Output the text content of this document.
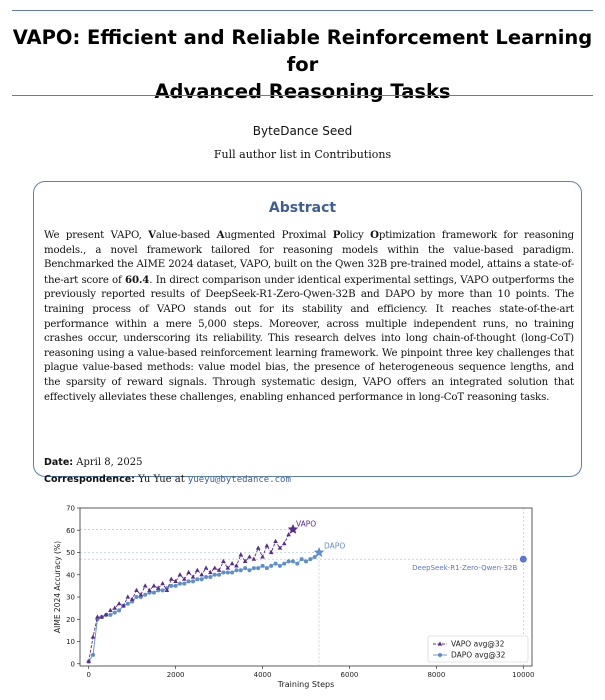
VAPO: Efficient and Reliable Reinforcement Learning for
Advanced Reasoning Tasks
ByteDance Seed
Full author list in Contributions
Abstract
We present VAPO, Value-based Augmented Proximal Policy Optimization framework for reasoning models., a novel framework tailored for reasoning models within the value-based paradigm. Benchmarked the AIME 2024 dataset, VAPO, built on the Qwen 32B pre-trained model, attains a state-of-the-art score of 60.4. In direct comparison under identical experimental settings, VAPO outperforms the previously reported results of DeepSeek-R1-Zero-Qwen-32B and DAPO by more than 10 points. The training process of VAPO stands out for its stability and efficiency. It reaches state-of-the-art performance within a mere 5,000 steps. Moreover, across multiple independent runs, no training crashes occur, underscoring its reliability. This research delves into long chain-of-thought (long-CoT) reasoning using a value-based reinforcement learning framework. We pinpoint three key challenges that plague value-based methods: value model bias, the presence of heterogeneous sequence lengths, and the sparsity of reward signals. Through systematic design, VAPO offers an integrated solution that effectively alleviates these challenges, enabling enhanced performance in long-CoT reasoning tasks.
Date: April 8, 2025
Correspondence: Yu Yue at yueyu@bytedance.com
0	2000	4000	6000	8000	10000
0
10
20
30
40
50
60
70
Training Steps
AIME 2024 Accuracy (%)
VAPO
DAPO
DeepSeek-R1-Zero-Qwen-32B
VAPO avg@32
DAPO avg@32
